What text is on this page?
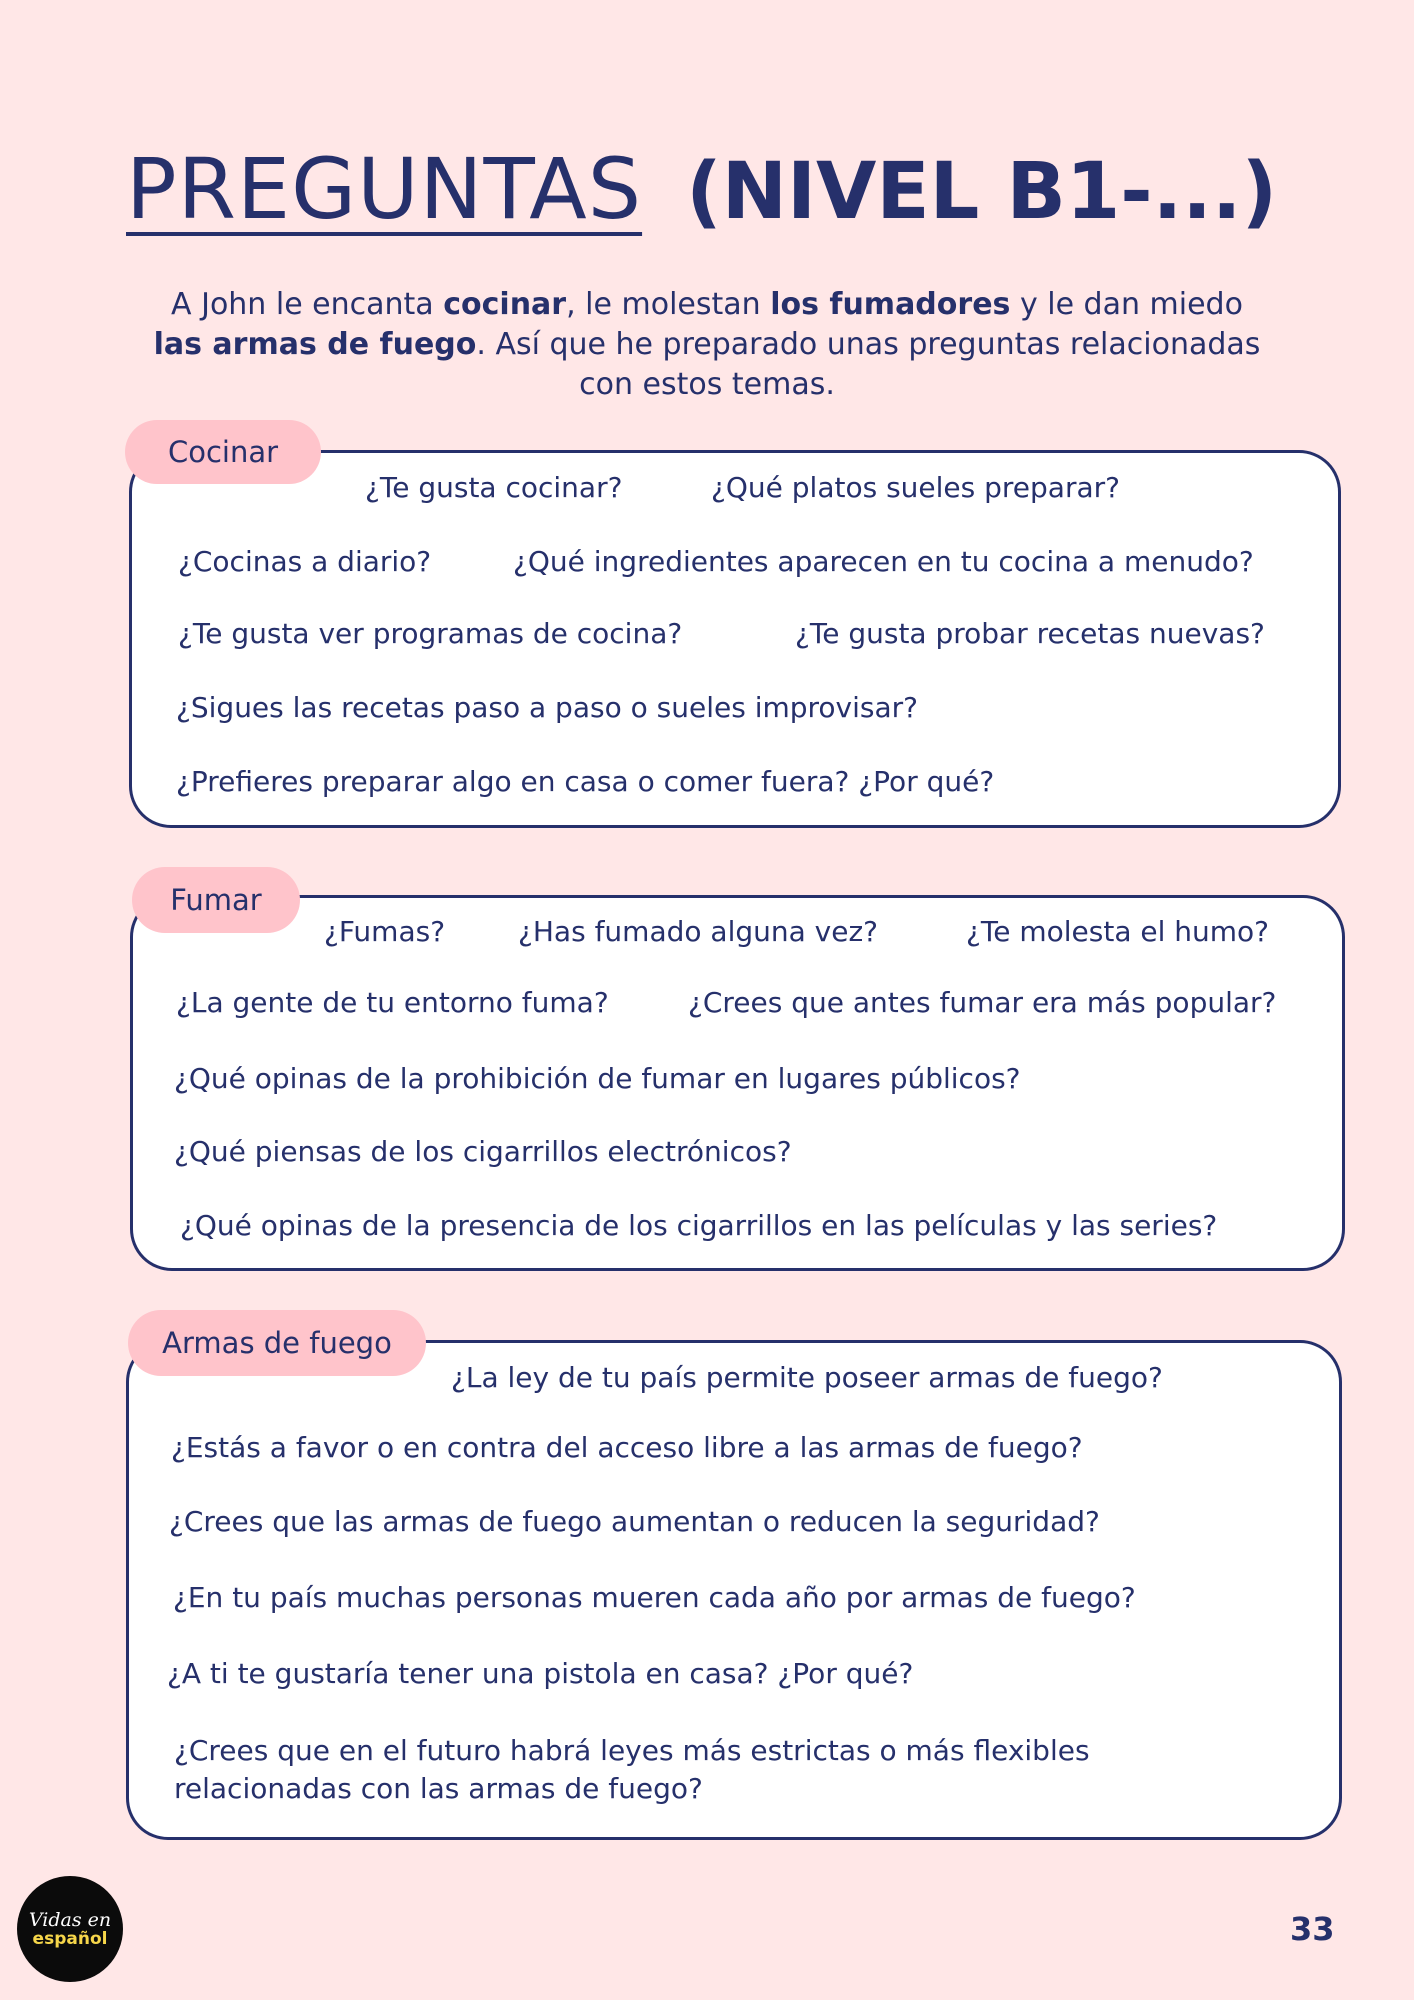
PREGUNTAS (NIVEL B1-...)
A John le encanta cocinar, le molestan los fumadores y le dan miedo
las armas de fuego. Así que he preparado unas preguntas relacionadas con estos temas.
Cocinar
¿Te gusta cocinar?	¿Qué platos sueles preparar?
¿Cocinas a diario?	¿Qué ingredientes aparecen en tu cocina a menudo?
¿Te gusta ver programas de cocina?	¿Te gusta probar recetas nuevas?
¿Sigues las recetas paso a paso o sueles improvisar?
¿Prefieres preparar algo en casa o comer fuera? ¿Por qué?
Fumar
¿Fumas?	¿Has fumado alguna vez?	¿Te molesta el humo?
¿La gente de tu entorno fuma?	¿Crees que antes fumar era más popular?
¿Qué opinas de la prohibición de fumar en lugares públicos?
¿Qué piensas de los cigarrillos electrónicos?
¿Qué opinas de la presencia de los cigarrillos en las películas y las series?
Armas de fuego
¿La ley de tu país permite poseer armas de fuego?
¿Estás a favor o en contra del acceso libre a las armas de fuego?
¿Crees que las armas de fuego aumentan o reducen la seguridad?
¿En tu país muchas personas mueren cada año por armas de fuego?
¿A ti te gustaría tener una pistola en casa? ¿Por qué?
¿Crees que en el futuro habrá leyes más estrictas o más flexibles relacionadas con las armas de fuego?
Vidas en
español	33
